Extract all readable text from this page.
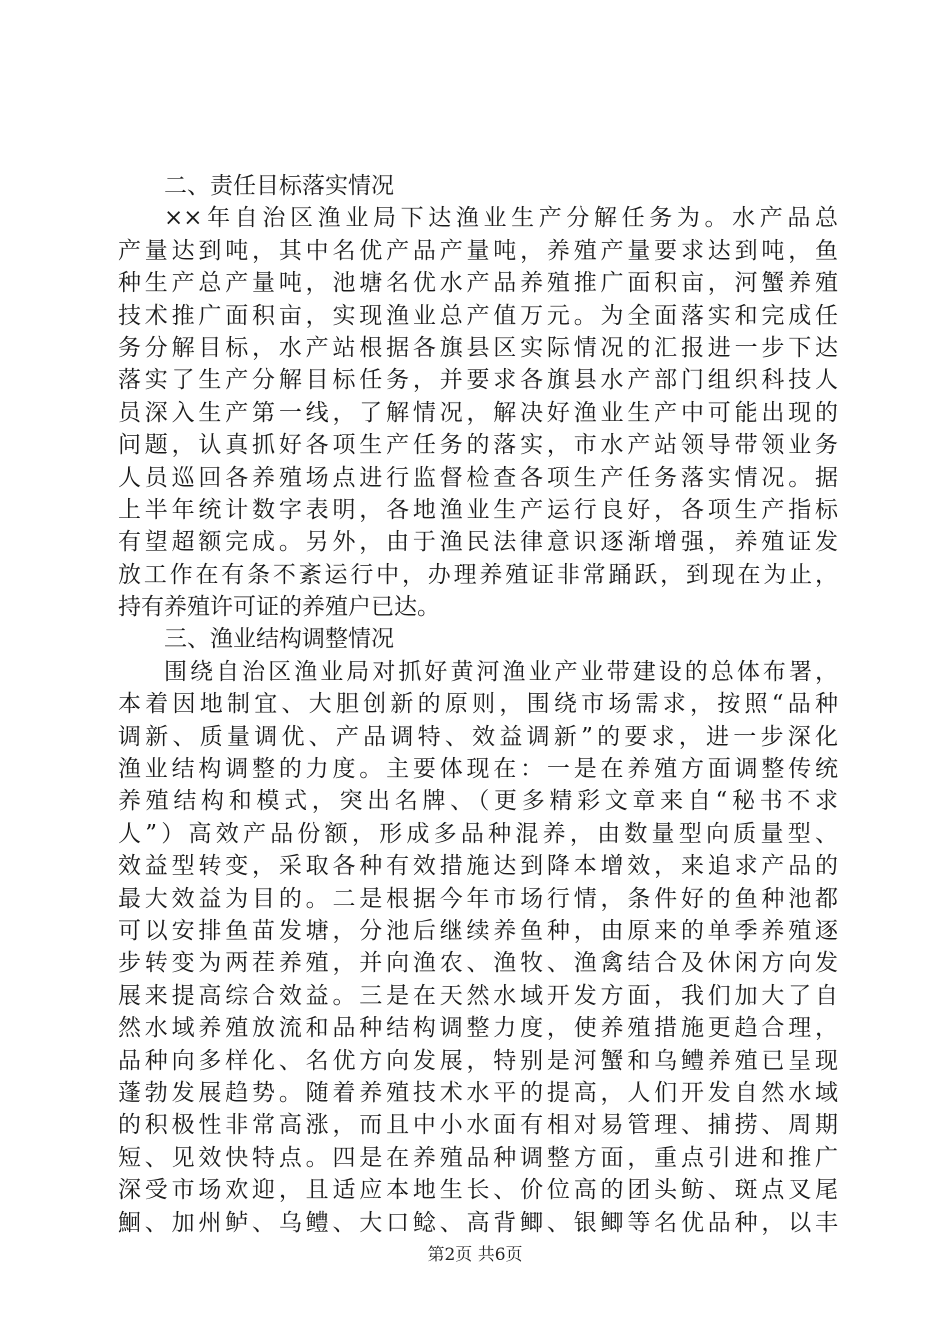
二、责任目标落实情况
××年自治区渔业局下达渔业生产分解任务为。水产品总
产量达到吨，其中名优产品产量吨，养殖产量要求达到吨，鱼
种生产总产量吨，池塘名优水产品养殖推广面积亩，河蟹养殖
技术推广面积亩，实现渔业总产值万元。为全面落实和完成任
务分解目标，水产站根据各旗县区实际情况的汇报进一步下达
落实了生产分解目标任务，并要求各旗县水产部门组织科技人
员深入生产第一线，了解情况，解决好渔业生产中可能出现的
问题，认真抓好各项生产任务的落实，市水产站领导带领业务
人员巡回各养殖场点进行监督检查各项生产任务落实情况。据
上半年统计数字表明，各地渔业生产运行良好，各项生产指标
有望超额完成。另外，由于渔民法律意识逐渐增强，养殖证发
放工作在有条不紊运行中，办理养殖证非常踊跃，到现在为止，
持有养殖许可证的养殖户已达。
三、渔业结构调整情况
围绕自治区渔业局对抓好黄河渔业产业带建设的总体布署，
本着因地制宜、大胆创新的原则，围绕市场需求，按照“品种
调新、质量调优、产品调特、效益调新”的要求，进一步深化
渔业结构调整的力度。主要体现在：一是在养殖方面调整传统
养殖结构和模式，突出名牌、（更多精彩文章来自“秘书不求
人”）高效产品份额，形成多品种混养，由数量型向质量型、
效益型转变，采取各种有效措施达到降本增效，来追求产品的
最大效益为目的。二是根据今年市场行情，条件好的鱼种池都
可以安排鱼苗发塘，分池后继续养鱼种，由原来的单季养殖逐
步转变为两茬养殖，并向渔农、渔牧、渔禽结合及休闲方向发
展来提高综合效益。三是在天然水域开发方面，我们加大了自
然水域养殖放流和品种结构调整力度，使养殖措施更趋合理，
品种向多样化、名优方向发展，特别是河蟹和乌鳢养殖已呈现
蓬勃发展趋势。随着养殖技术水平的提高，人们开发自然水域
的积极性非常高涨，而且中小水面有相对易管理、捕捞、周期
短、见效快特点。四是在养殖品种调整方面，重点引进和推广
深受市场欢迎，且适应本地生长、价位高的团头鲂、斑点叉尾
鮰、加州鲈、乌鳢、大口鲶、高背鲫、银鲫等名优品种，以丰
第2页 共6页
